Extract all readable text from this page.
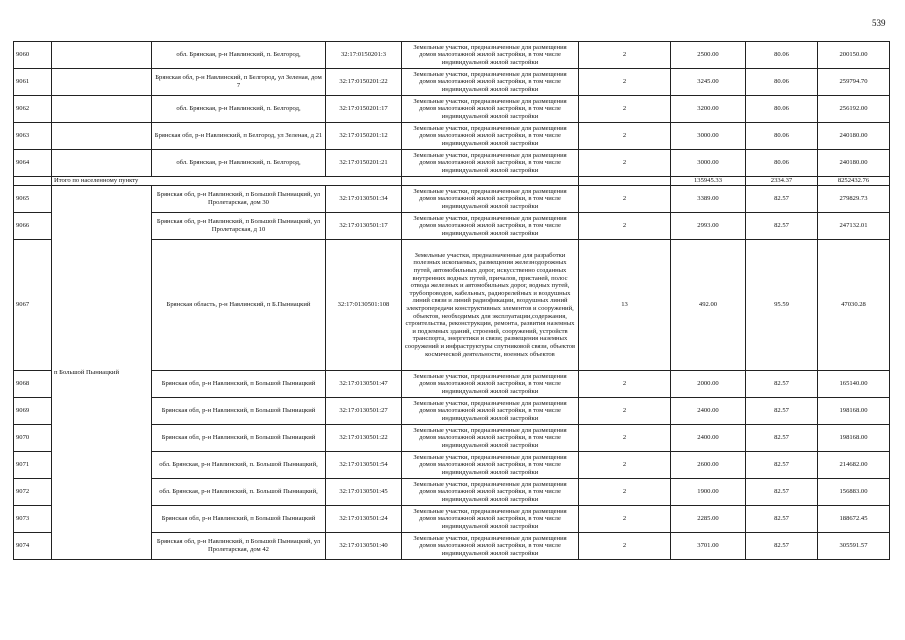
539
9060		обл. Брянская, р-н Навлинский, п. Белгород,	32:17:0150201:3	Земельные участки, предназначенные для размещения домов малоэтажной жилой застройки, в том числе индивидуальной жилой застройки	2	2500.00	80.06	200150.00
9061		Брянская обл, р-н Навлинский, п Белгород, ул Зеленая, дом 7	32:17:0150201:22	Земельные участки, предназначенные для размещения домов малоэтажной жилой застройки, в том числе индивидуальной жилой застройки	2	3245.00	80.06	259794.70
9062		обл. Брянская, р-н Навлинский, п. Белгород,	32:17:0150201:17	Земельные участки, предназначенные для размещения домов малоэтажной жилой застройки, в том числе индивидуальной жилой застройки	2	3200.00	80.06	256192.00
9063		Брянская обл, р-н Навлинский, п Белгород, ул Зеленая, д 21	32:17:0150201:12	Земельные участки, предназначенные для размещения домов малоэтажной жилой застройки, в том числе индивидуальной жилой застройки	2	3000.00	80.06	240180.00
9064		обл. Брянская, р-н Навлинский, п. Белгород,	32:17:0150201:21	Земельные участки, предназначенные для размещения домов малоэтажной жилой застройки, в том числе индивидуальной жилой застройки	2	3000.00	80.06	240180.00
	Итого по населенному пункту					135945.33	2334.37	8252432.76
9065	п Большой Пыниацкий	Брянская обл, р-н Навлинский, п Большой Пыниацкий, ул Пролетарская, дом 30	32:17:0130501:34	Земельные участки, предназначенные для размещения домов малоэтажной жилой застройки, в том числе индивидуальной жилой застройки	2	3389.00	82.57	279829.73
9066		Брянская обл, р-н Навлинский, п Большой Пыниацкий, ул Пролетарская, д 10	32:17:0130501:17	Земельные участки, предназначенные для размещения домов малоэтажной жилой застройки, в том числе индивидуальной жилой застройки	2	2993.00	82.57	247132.01
9067		Брянская область, р-н Навлинский, п Б.Пыниацкий	32:17:0130501:108	Земельные участки, предназначенные для разработки полезных ископаемых, размещения железнодорожных путей, автомобильных дорог, искусственно созданных внутренних водных путей, причалов, пристаней, полос отвода железных и автомобильных дорог, водных путей, трубопроводов, кабельных, радиорелейных и воздушных линий связи и линий радиофикации, воздушных линий электропередачи конструктивных элементов и сооружений, объектов, необходимых для эксплуатации,содержания, строительства, реконструкции, ремонта, развития наземных и подземных зданий, строений, сооружений, устройств транспорта, энергетики и связи; размещения наземных сооружений и инфраструктуры спутниковой связи, объектов космической деятельности, военных объектов	13	492.00	95.59	47030.28
9068		Брянская обл, р-н Навлинский, п Большой Пыниацкий	32:17:0130501:47	Земельные участки, предназначенные для размещения домов малоэтажной жилой застройки, в том числе индивидуальной жилой застройки	2	2000.00	82.57	165140.00
9069		Брянская обл, р-н Навлинский, п Большой Пыниацкий	32:17:0130501:27	Земельные участки, предназначенные для размещения домов малоэтажной жилой застройки, в том числе индивидуальной жилой застройки	2	2400.00	82.57	198168.00
9070		Брянская обл, р-н Навлинский, п Большой Пыниацкий	32:17:0130501:22	Земельные участки, предназначенные для размещения домов малоэтажной жилой застройки, в том числе индивидуальной жилой застройки	2	2400.00	82.57	198168.00
9071		обл. Брянская, р-н Навлинский, п. Большой Пыниацкий,	32:17:0130501:54	Земельные участки, предназначенные для размещения домов малоэтажной жилой застройки, в том числе индивидуальной жилой застройки	2	2600.00	82.57	214682.00
9072		обл. Брянская, р-н Навлинский, п. Большой Пыниацкий,	32:17:0130501:45	Земельные участки, предназначенные для размещения домов малоэтажной жилой застройки, в том числе индивидуальной жилой застройки	2	1900.00	82.57	156883.00
9073		Брянская обл, р-н Навлинский, п Большой Пыниацкий	32:17:0130501:24	Земельные участки, предназначенные для размещения домов малоэтажной жилой застройки, в том числе индивидуальной жилой застройки	2	2285.00	82.57	188672.45
9074		Брянская обл, р-н Навлинский, п Большой Пыниацкий, ул Пролетарская, дом 42	32:17:0130501:40	Земельные участки, предназначенные для размещения домов малоэтажной жилой застройки, в том числе индивидуальной жилой застройки	2	3701.00	82.57	305591.57
